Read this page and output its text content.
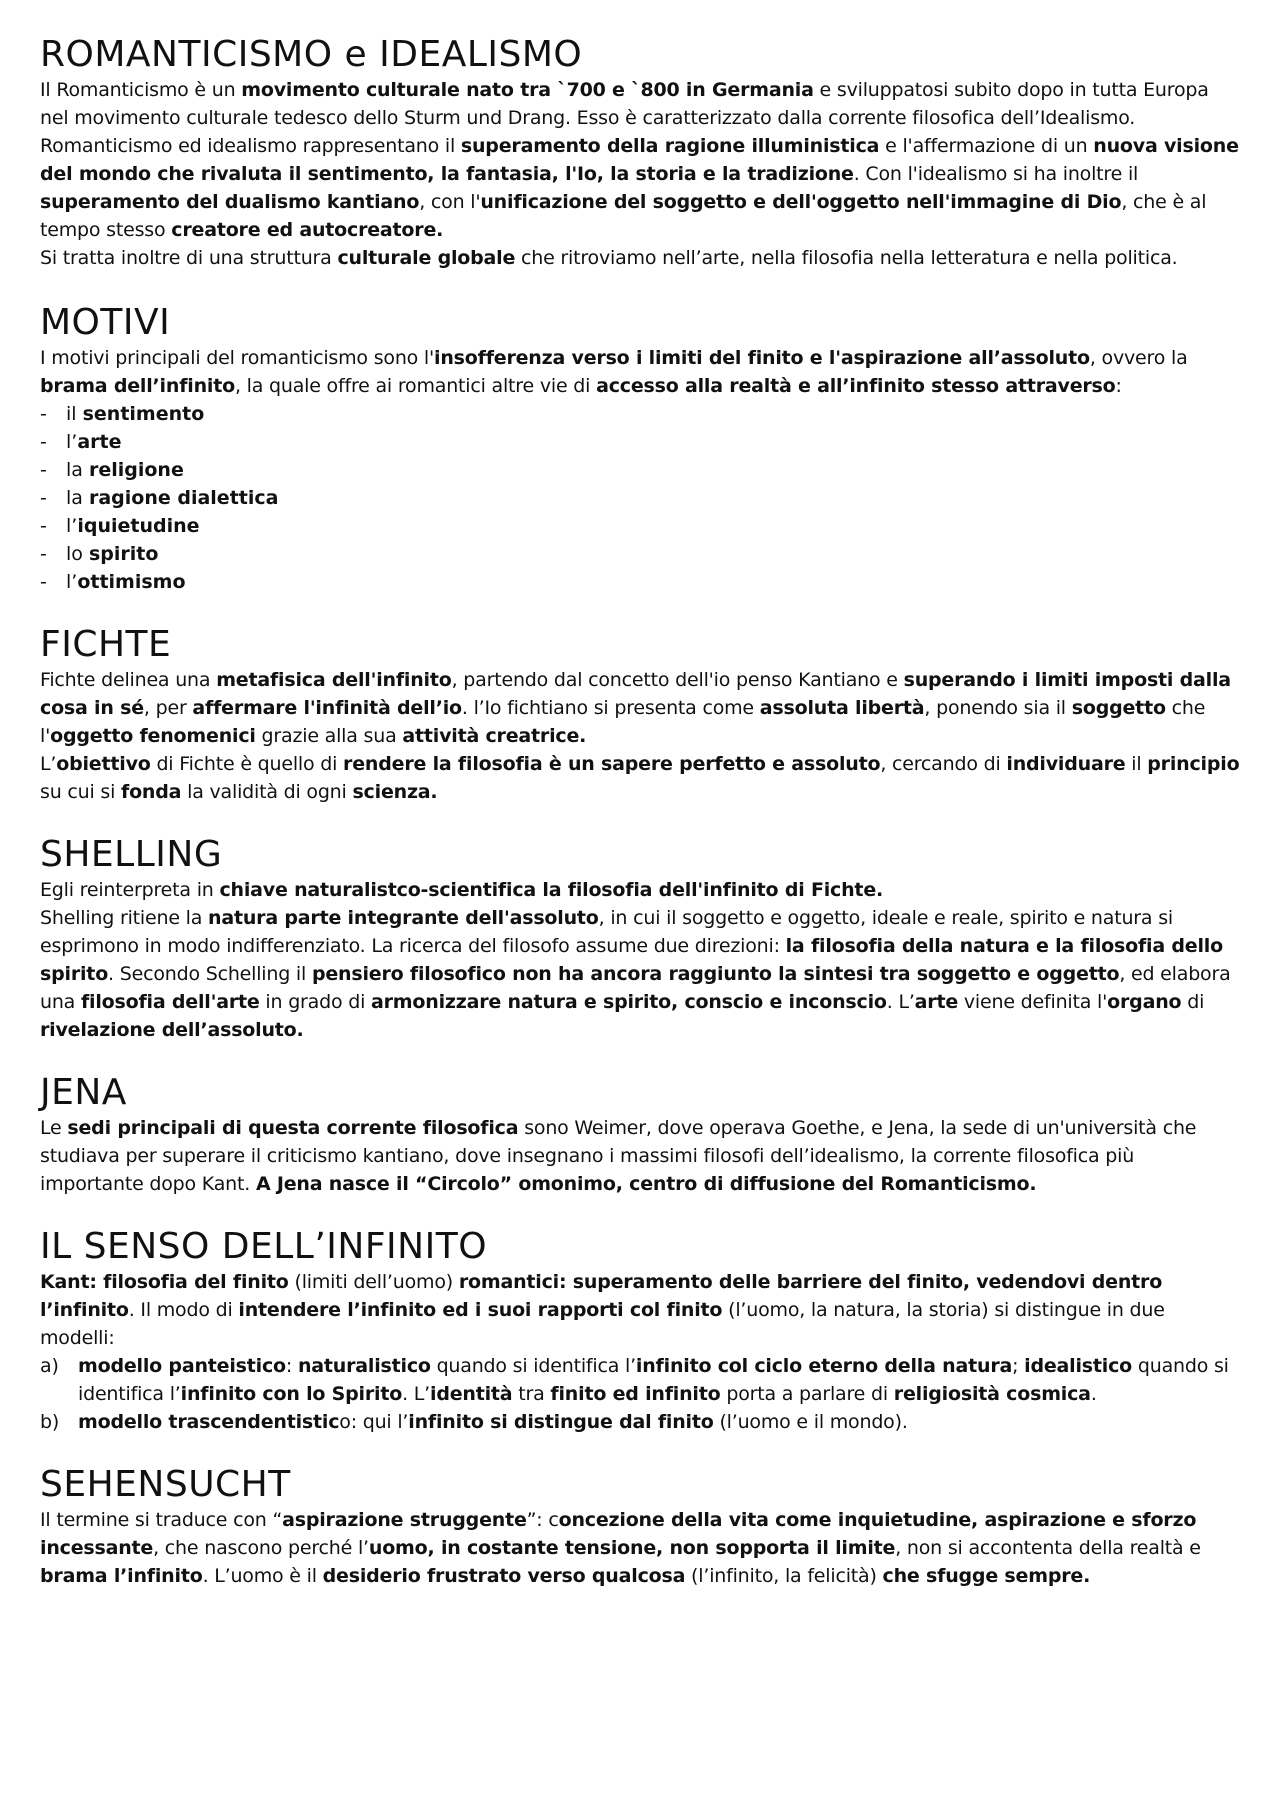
ROMANTICISMO e IDEALISMO

Il Romanticismo è un movimento culturale nato tra `700 e `800 in Germania e sviluppatosi subito dopo in tutta Europa nel movimento culturale tedesco dello Sturm und Drang. Esso è caratterizzato dalla corrente filosofica dell’Idealismo.

Romanticismo ed idealismo rappresentano il superamento della ragione illuministica e l'affermazione di un nuova visione del mondo che rivaluta il sentimento, la fantasia, l'Io, la storia e la tradizione. Con l'idealismo si ha inoltre il superamento del dualismo kantiano, con l'unificazione del soggetto e dell'oggetto nell'immagine di Dio, che è al tempo stesso creatore ed autocreatore.

Si tratta inoltre di una struttura culturale globale che ritroviamo nell’arte, nella filosofia nella letteratura e nella politica.

MOTIVI

I motivi principali del romanticismo sono l'insofferenza verso i limiti del finito e l'aspirazione all’assoluto, ovvero la brama dell’infinito, la quale offre ai romantici altre vie di accesso alla realtà e all’infinito stesso attraverso:

- il sentimento
- l’arte
- la religione
- la ragione dialettica
- l’iquietudine
- lo spirito
- l’ottimismo
FICHTE

Fichte delinea una metafisica dell'infinito, partendo dal concetto dell'io penso Kantiano e superando i limiti imposti dalla cosa in sé, per affermare l'infinità dell’io. l’Io fichtiano si presenta come assoluta libertà, ponendo sia il soggetto che l'oggetto fenomenici grazie alla sua attività creatrice.

L’obiettivo di Fichte è quello di rendere la filosofia è un sapere perfetto e assoluto, cercando di individuare il principio su cui si fonda la validità di ogni scienza.

SHELLING

Egli reinterpreta in chiave naturalistco-scientifica la filosofia dell'infinito di Fichte.

Shelling ritiene la natura parte integrante dell'assoluto, in cui il soggetto e oggetto, ideale e reale, spirito e natura si esprimono in modo indifferenziato. La ricerca del filosofo assume due direzioni: la filosofia della natura e la filosofia dello spirito. Secondo Schelling il pensiero filosofico non ha ancora raggiunto la sintesi tra soggetto e oggetto, ed elabora una filosofia dell'arte in grado di armonizzare natura e spirito, conscio e inconscio. L’arte viene definita l'organo di rivelazione dell’assoluto.

JENA

Le sedi principali di questa corrente filosofica sono Weimer, dove operava Goethe, e Jena, la sede di un'università che studiava per superare il criticismo kantiano, dove insegnano i massimi filosofi dell’idealismo, la corrente filosofica più importante dopo Kant. A Jena nasce il “Circolo” omonimo, centro di diffusione del Romanticismo.

IL SENSO DELL’INFINITO

Kant: filosofia del finito (limiti dell’uomo) romantici: superamento delle barriere del finito, vedendovi dentro l’infinito. Il modo di intendere l’infinito ed i suoi rapporti col finito (l’uomo, la natura, la storia) si distingue in due modelli:

a) modello panteistico: naturalistico quando si identifica l’infinito col ciclo eterno della natura; idealistico quando si identifica l’infinito con lo Spirito. L’identità tra finito ed infinito porta a parlare di religiosità cosmica.
b) modello trascendentistico: qui l’infinito si distingue dal finito (l’uomo e il mondo).
SEHENSUCHT

Il termine si traduce con “aspirazione struggente”: concezione della vita come inquietudine, aspirazione e sforzo incessante, che nascono perché l’uomo, in costante tensione, non sopporta il limite, non si accontenta della realtà e brama l’infinito. L’uomo è il desiderio frustrato verso qualcosa (l’infinito, la felicità) che sfugge sempre.
